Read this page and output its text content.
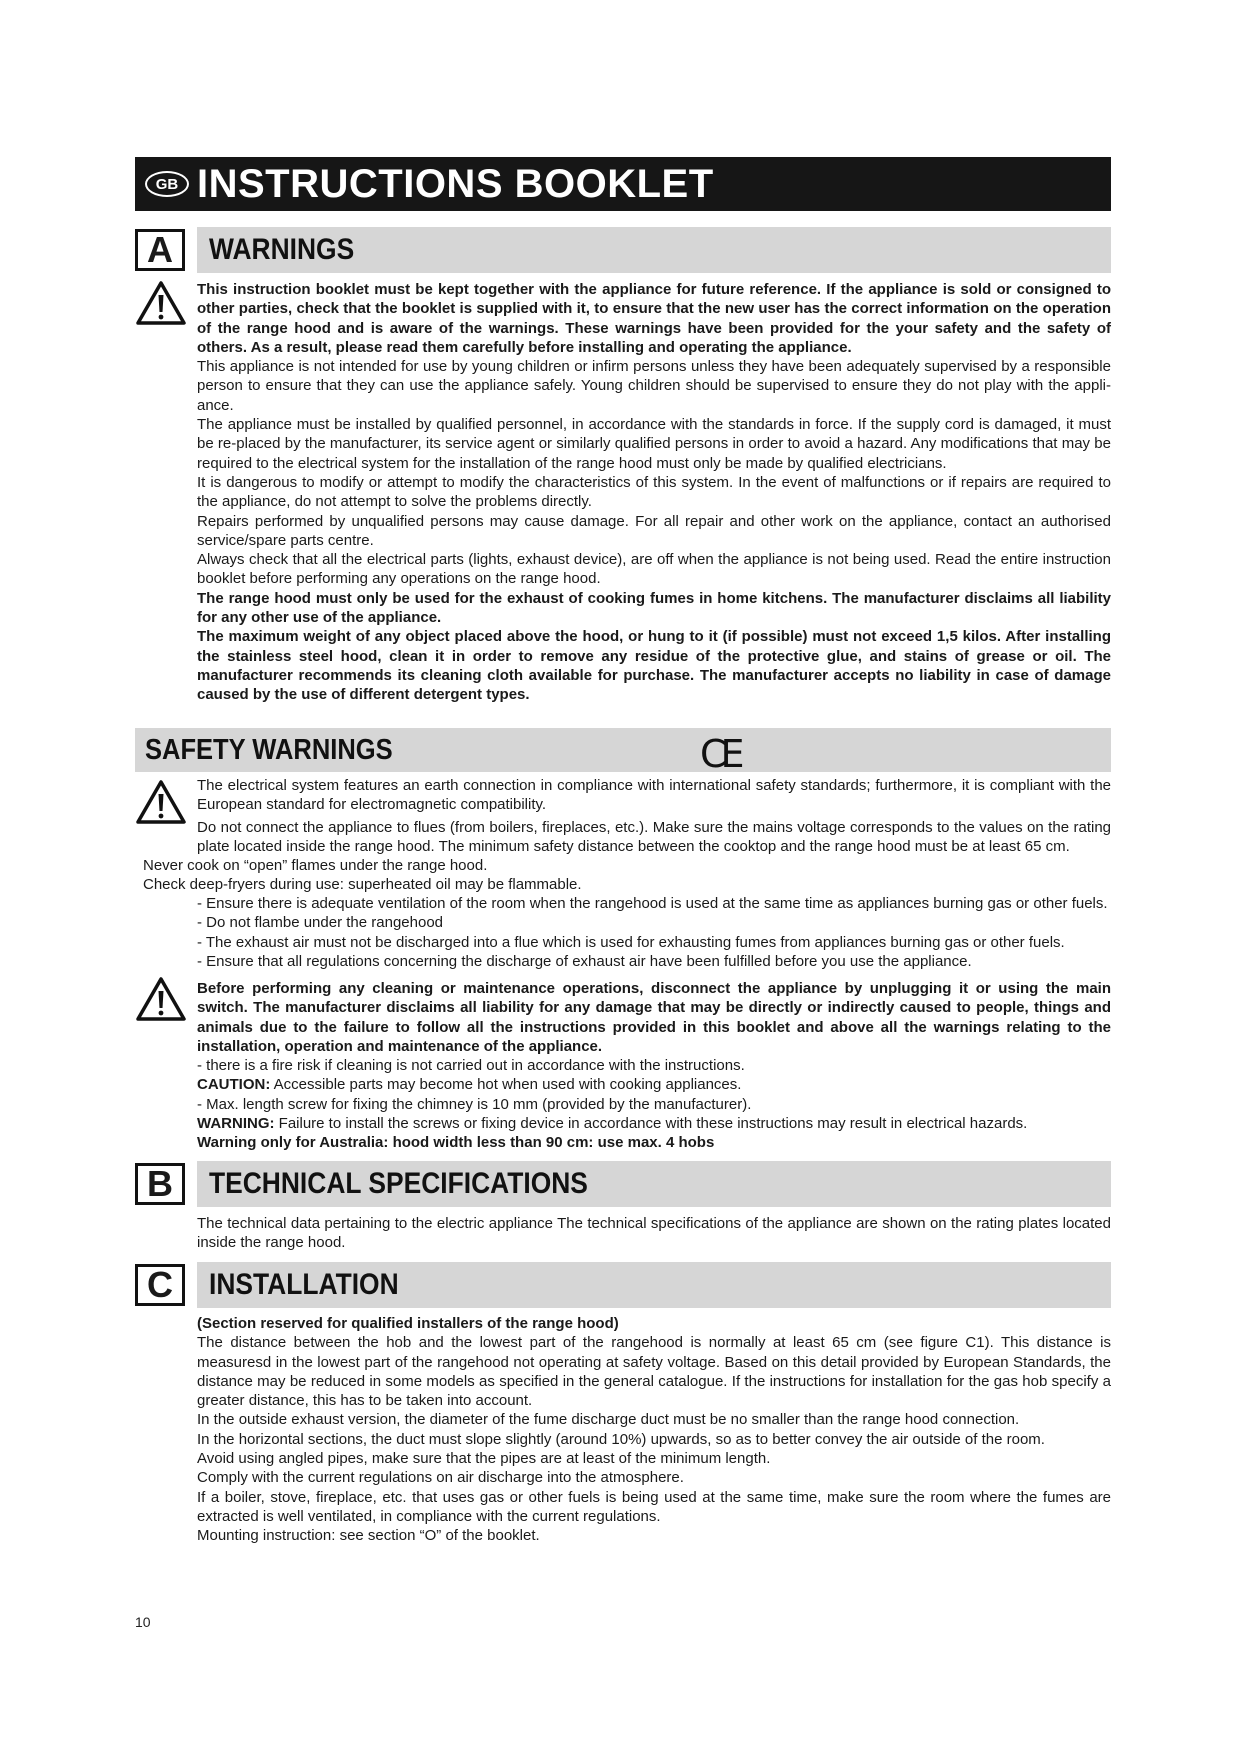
GB INSTRUCTIONS BOOKLET
A	WARNINGS

This instruction booklet must be kept together with the appliance for future reference. If the appliance is sold or consigned to other parties, check that the booklet is supplied with it, to ensure that the new user has the correct information on the operation of the range hood and is aware of the warnings. These warnings have been provided for the your safety and the safety of others. As a result, please read them carefully before installing and operating the appliance.

This appliance is not intended for use by young children or infirm persons unless they have been adequately supervised by a responsible person to ensure that they can use the appliance safely. Young children should be supervised to ensure they do not play with the appli-ance.

The appliance must be installed by qualified personnel, in accordance with the standards in force. If the supply cord is damaged, it must be re-placed by the manufacturer, its service agent or similarly qualified persons in order to avoid a hazard. Any modifications that may be required to the electrical system for the installation of the range hood must only be made by qualified electricians.

It is dangerous to modify or attempt to modify the characteristics of this system. In the event of malfunctions or if repairs are required to the appliance, do not attempt to solve the problems directly.

Repairs performed by unqualified persons may cause damage. For all repair and other work on the appliance, contact an authorised service/spare parts centre.

Always check that all the electrical parts (lights, exhaust device), are off when the appliance is not being used. Read the entire instruction booklet before performing any operations on the range hood.

The range hood must only be used for the exhaust of cooking fumes in home kitchens. The manufacturer disclaims all liability for any other use of the appliance.

The maximum weight of any object placed above the hood, or hung to it (if possible) must not exceed 1,5 kilos. After installing the stainless steel hood, clean it in order to remove any residue of the protective glue, and stains of grease or oil. The manufacturer recommends its cleaning cloth available for purchase. The manufacturer accepts no liability in case of damage caused by the use of different detergent types.

SAFETY WARNINGS	CE

The electrical system features an earth connection in compliance with international safety standards; furthermore, it is compliant with the European standard for electromagnetic compatibility.

Do not connect the appliance to flues (from boilers, fireplaces, etc.). Make sure the mains voltage corresponds to the values on the rating plate located inside the range hood. The minimum safety distance between the cooktop and the range hood must be at least 65 cm.

Never cook on “open” flames under the range hood.
Check deep-fryers during use: superheated oil may be flammable.

- Ensure there is adequate ventilation of the room when the rangehood is used at the same time as appliances burning gas or other fuels.

- Do not flambe under the rangehood

- The exhaust air must not be discharged into a flue which is used for exhausting fumes from appliances burning gas or other fuels.

- Ensure that all regulations concerning the discharge of exhaust air have been fulfilled before you use the appliance.

Before performing any cleaning or maintenance operations, disconnect the appliance by unplugging it or using the main switch. The manufacturer disclaims all liability for any damage that may be directly or indirectly caused to people, things and animals due to the failure to follow all the instructions provided in this booklet and above all the warnings relating to the installation, operation and maintenance of the appliance.

- there is a fire risk if cleaning is not carried out in accordance with the instructions.

CAUTION: Accessible parts may become hot when used with cooking appliances.

- Max. length screw for fixing the chimney is 10 mm (provided by the manufacturer).

WARNING: Failure to install the screws or fixing device in accordance with these instructions may result in electrical hazards.

Warning only for Australia: hood width less than 90 cm: use max. 4 hobs

B	TECHNICAL SPECIFICATIONS

The technical data pertaining to the electric appliance The technical specifications of the appliance are shown on the rating plates located inside the range hood.

C	INSTALLATION

(Section reserved for qualified installers of the range hood)

The distance between the hob and the lowest part of the rangehood is normally at least 65 cm (see figure C1). This distance is measuresd in the lowest part of the rangehood not operating at safety voltage. Based on this detail provided by European Standards, the distance may be reduced in some models as specified in the general catalogue. If the instructions for installation for the gas hob specify a greater distance, this has to be taken into account.

In the outside exhaust version, the diameter of the fume discharge duct must be no smaller than the range hood connection.

In the horizontal sections, the duct must slope slightly (around 10%) upwards, so as to better convey the air outside of the room.

Avoid using angled pipes, make sure that the pipes are at least of the minimum length.

Comply with the current regulations on air discharge into the atmosphere.

If a boiler, stove, fireplace, etc. that uses gas or other fuels is being used at the same time, make sure the room where the fumes are extracted is well ventilated, in compliance with the current regulations.

Mounting instruction: see section “O” of the booklet.

10
